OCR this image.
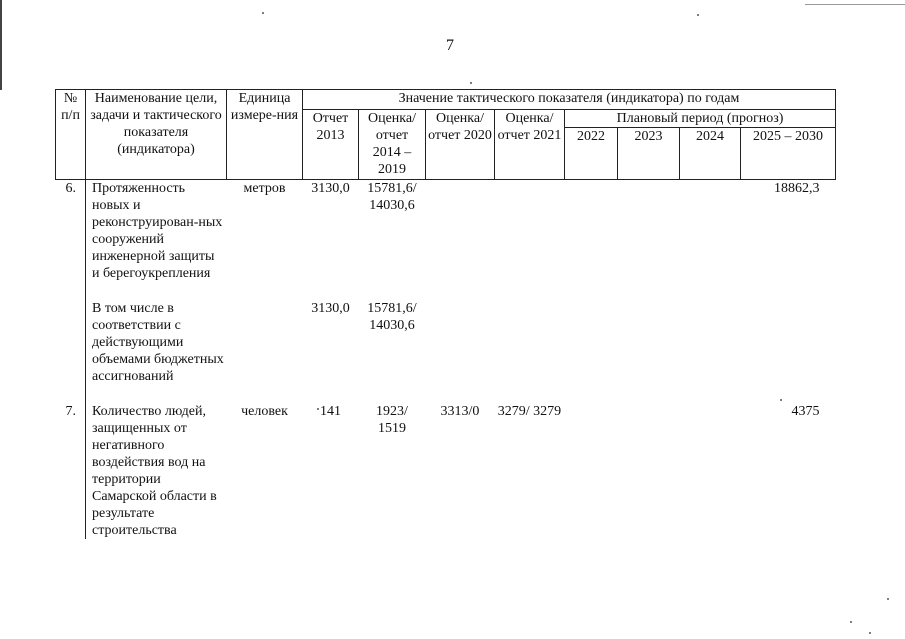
7
№ п/п	Наименование цели, задачи и тактического показателя (индикатора)	Единица измере-ния	Значение тактического показателя (индикатора) по годам							
			Отчет 2013	Оценка/ отчет 2014 – 2019	Оценка/ отчет 2020	Оценка/ отчет 2021	Плановый период (прогноз)			
							2022	2023	2024	2025 – 2030
6.	Протяженность новых и реконструирован-ных сооружений инженерной защиты и берегоукрепления	метров	3130,0	15781,6/ 14030,6						18862,3

	В том числе в соответствии с действующими объемами бюджетных ассигнований		3130,0	15781,6/ 14030,6						

7.	Количество людей, защищенных от негативного воздействия вод на территории Самарской области в результате строительства	человек	141	1923/ 1519	3313/0	3279/ 3279				4375
